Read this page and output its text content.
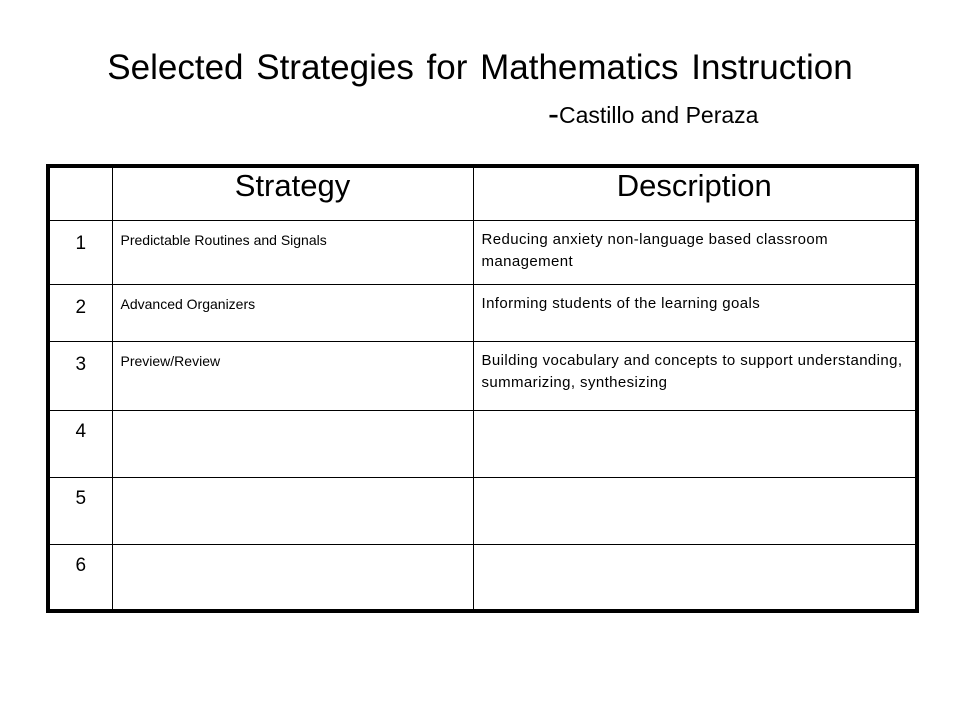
Selected Strategies for Mathematics Instruction
-Castillo and Peraza
	Strategy	Description
1	Predictable Routines and Signals	Reducing anxiety non-language based classroom management
2	Advanced Organizers	Informing students of the learning goals
3	Preview/Review	Building vocabulary and concepts to support understanding, summarizing, synthesizing
4		
5		
6		
